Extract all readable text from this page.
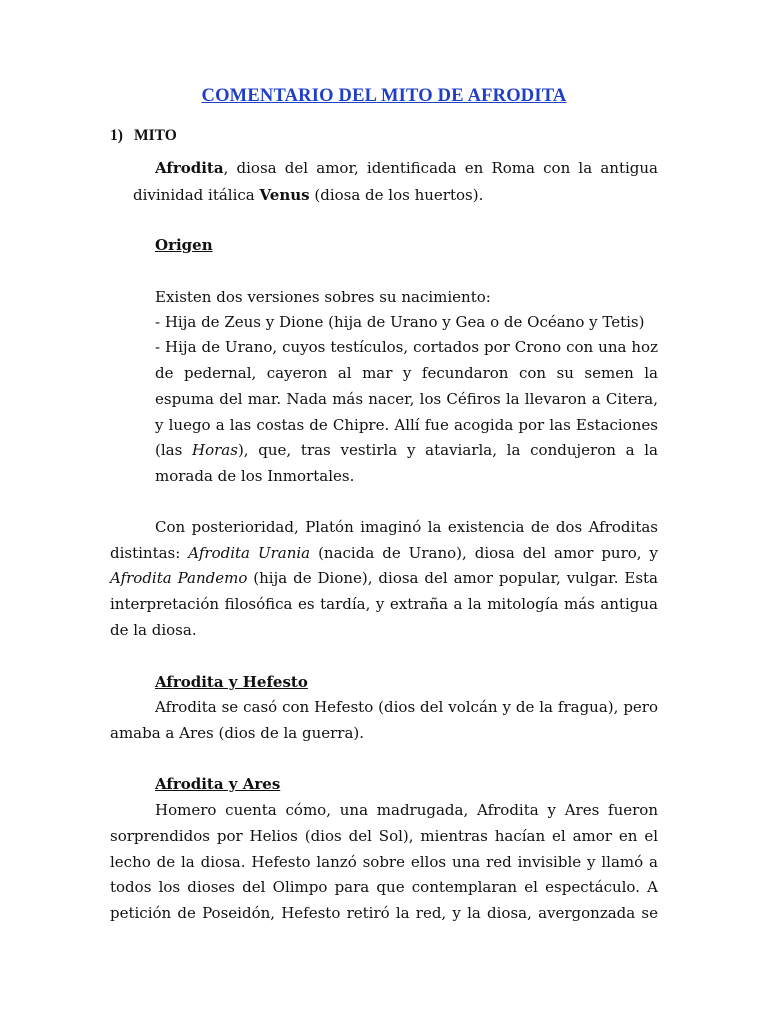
COMENTARIO DEL MITO DE AFRODITA
1) MITO
Afrodita, diosa del amor, identificada en Roma con la antigua
divinidad itálica Venus (diosa de los huertos).
Origen
Existen dos versiones sobres su nacimiento:
- Hija de Zeus y Dione (hija de Urano y Gea o de Océano y Tetis)
- Hija de Urano, cuyos testículos, cortados por Crono con una hoz
de pedernal, cayeron al mar y fecundaron con su semen la
espuma del mar. Nada más nacer, los Céfiros la llevaron a Citera,
y luego a las costas de Chipre. Allí fue acogida por las Estaciones
(las Horas), que, tras vestirla y ataviarla, la condujeron a la
morada de los Inmortales.
Con posterioridad, Platón imaginó la existencia de dos Afroditas
distintas: Afrodita Urania (nacida de Urano), diosa del amor puro, y
Afrodita Pandemo (hija de Dione), diosa del amor popular, vulgar. Esta
interpretación filosófica es tardía, y extraña a la mitología más antigua
de la diosa.
Afrodita y Hefesto
Afrodita se casó con Hefesto (dios del volcán y de la fragua), pero
amaba a Ares (dios de la guerra).
Afrodita y Ares
Homero cuenta cómo, una madrugada, Afrodita y Ares fueron
sorprendidos por Helios (dios del Sol), mientras hacían el amor en el
lecho de la diosa. Hefesto lanzó sobre ellos una red invisible y llamó a
todos los dioses del Olimpo para que contemplaran el espectáculo. A
petición de Poseidón, Hefesto retiró la red, y la diosa, avergonzada se
